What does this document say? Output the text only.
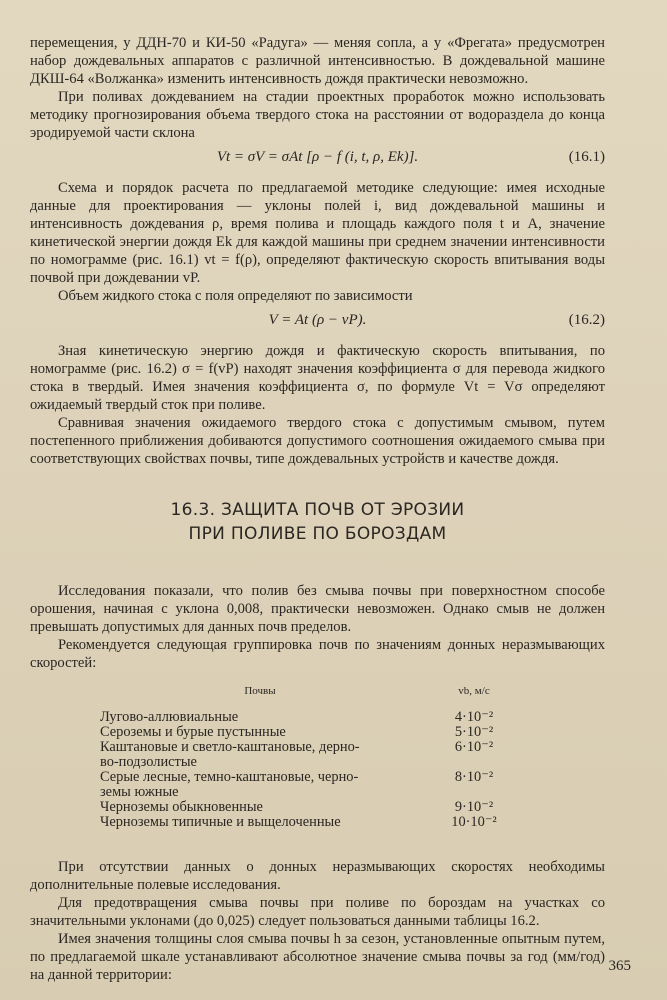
перемещения, у ДДН-70 и КИ-50 «Радуга» — меняя сопла, а у «Фрегата» предусмотрен набор дождевальных аппаратов с различной интенсивностью. В дождевальной машине ДКШ-64 «Волжанка» изменить интенсивность дождя практически невозможно.

При поливах дождеванием на стадии проектных проработок можно использовать методику прогнозирования объема твердого стока на расстоянии от водораздела до конца эродируемой части склона

Vt = σV = σAt [ρ − f (i, t, ρ, Ek)].	(16.1)

Схема и порядок расчета по предлагаемой методике следующие: имея исходные данные для проектирования — уклоны полей i, вид дождевальной машины и интенсивность дождевания ρ, время полива и площадь каждого поля t и A, значение кинетической энергии дождя Ek для каждой машины при среднем значении интенсивности по номограмме (рис. 16.1) vt = f(ρ), определяют фактическую скорость впитывания воды почвой при дождевании vP.

Объем жидкого стока с поля определяют по зависимости

V = At (ρ − vP).	(16.2)

Зная кинетическую энергию дождя и фактическую скорость впитывания, по номограмме (рис. 16.2) σ = f(vP) находят значения коэффициента σ для перевода жидкого стока в твердый. Имея значения коэффициента σ, по формуле Vt = Vσ определяют ожидаемый твердый сток при поливе.

Сравнивая значения ожидаемого твердого стока с допустимым смывом, путем постепенного приближения добиваются допустимого соотношения ожидаемого смыва при соответствующих свойствах почвы, типе дождевальных устройств и качестве дождя.

16.3. ЗАЩИТА ПОЧВ ОТ ЭРОЗИИ
ПРИ ПОЛИВЕ ПО БОРОЗДАМ

Исследования показали, что полив без смыва почвы при поверхностном способе орошения, начиная с уклона 0,008, практически невозможен. Однако смыв не должен превышать допустимых для данных почв пределов.

Рекомендуется следующая группировка почв по значениям донных неразмывающих скоростей:

Почвы	vb, м/с
Лугово-аллювиальные	4·10⁻²
Сероземы и бурые пустынные	5·10⁻²
Каштановые и светло-каштановые, дерно-	6·10⁻²
во-подзолистые	
Серые лесные, темно-каштановые, черно-	8·10⁻²
земы южные	
Черноземы обыкновенные	9·10⁻²
Черноземы типичные и выщелоченные	10·10⁻²

При отсутствии данных о донных неразмывающих скоростях необходимы дополнительные полевые исследования.

Для предотвращения смыва почвы при поливе по бороздам на участках со значительными уклонами (до 0,025) следует пользоваться данными таблицы 16.2.

Имея значения толщины слоя смыва почвы h за сезон, установленные опытным путем, по предлагаемой шкале устанавливают абсолютное значение смыва почвы за год (мм/год) на данной территории:

365
